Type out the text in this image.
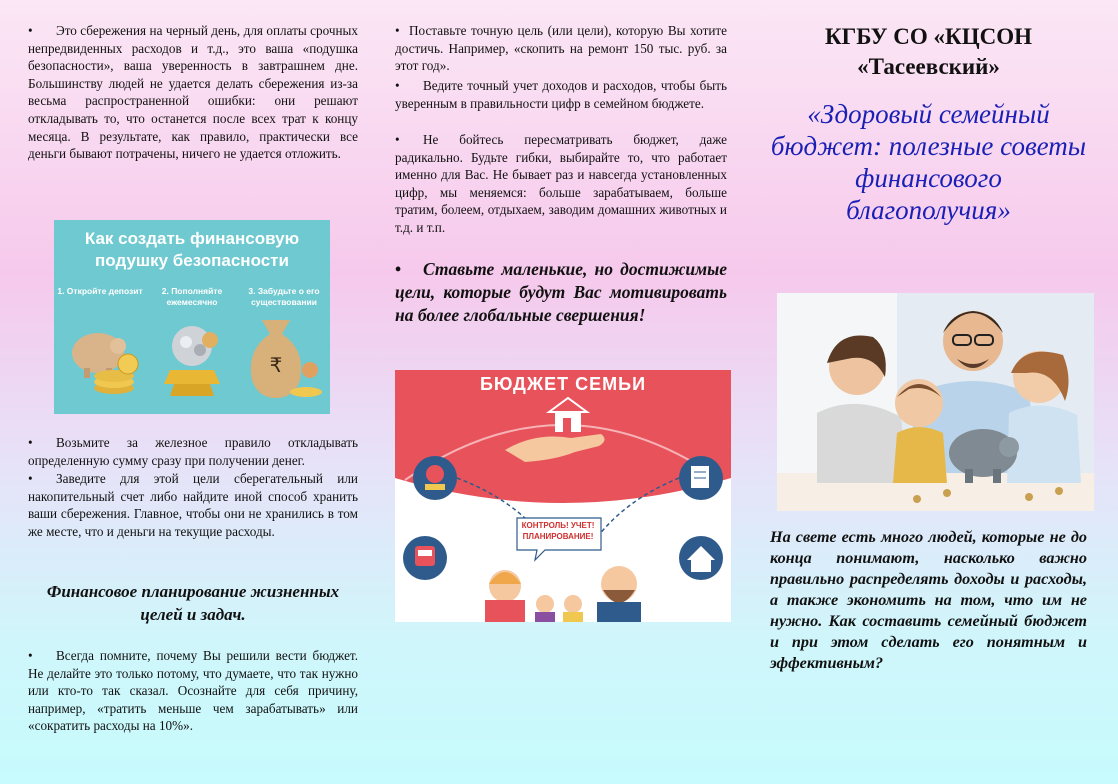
• Это сбережения на черный день, для оплаты срочных непредвиденных расходов и т.д., это ваша «подушка безопасности», ваша уверенность в завтрашнем дне. Большинству людей не удается делать сбережения из-за весьма распространенной ошибки: они решают откладывать то, что останется после всех трат к концу месяца. В результате, как правило, практически все деньги бывают потрачены, ничего не удается отложить.

Как создать финансовую подушку безопасности
1. Откройте депозит	2. Пополняйте ежемесячно
3. Забудьте о его существовании
₹

• Возьмите за железное правило откладывать определенную сумму сразу при получении денег.

• Заведите для этой цели сберегательный или накопительный счет либо найдите иной способ хранить ваши сбережения. Главное, чтобы они не хранились в том же месте, что и деньги на текущие расходы.

Финансовое планирование жизненных целей и задач.

• Всегда помните, почему Вы решили вести бюджет. Не делайте это только потому, что думаете, что так нужно или кто-то так сказал. Осознайте для себя причину, например, «тратить меньше чем зарабатывать» или «сократить расходы на 10%».

• Поставьте точную цель (или цели), которую Вы хотите достичь. Например, «скопить на ремонт 150 тыс. руб. за этот год».

• Ведите точный учет доходов и расходов, чтобы быть уверенным в правильности цифр в семейном бюджете.

• Не бойтесь пересматривать бюджет, даже радикально. Будьте гибки, выбирайте то, что работает именно для Вас. Не бывает раз и навсегда установленных цифр, мы меняемся: больше зарабатываем, больше тратим, болеем, отдыхаем, заводим домашних животных и т.д. и т.п.

• Ставьте маленькие, но достижимые цели, которые будут Вас мотивировать на более глобальные свершения!

БЮДЖЕТ СЕМЬИ
КОНТРОЛЬ! УЧЕТ! ПЛАНИРОВАНИЕ!
КГБУ СО «КЦСОН «Тасеевский»
«Здоровый семейный бюджет: полезные советы финансового благополучия»

На свете есть много людей, которые не до конца понимают, насколько важно правильно распределять доходы и расходы, а также экономить на том, что им не нужно. Как составить семейный бюджет и при этом сделать его понятным и эффективным?
